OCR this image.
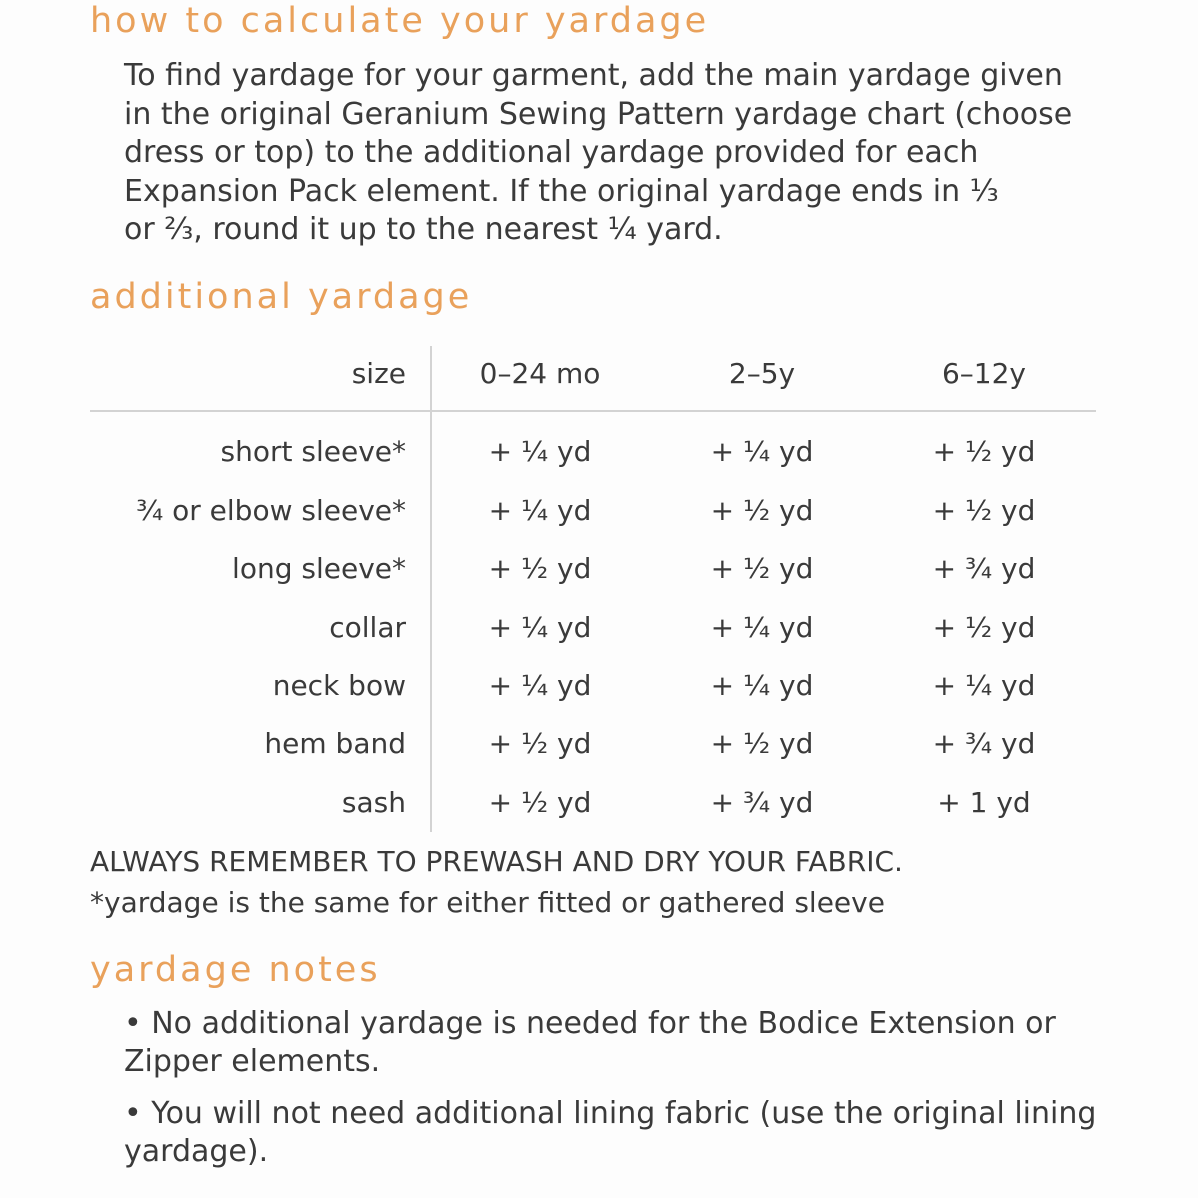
how to calculate your yardage

To find yardage for your garment, add the main yardage given

in the original Geranium Sewing Pattern yardage chart (choose

dress or top) to the additional yardage provided for each

Expansion Pack element. If the original yardage ends in ⅓

or ⅔, round it up to the nearest ¼ yard.

additional yardage
size	0–24 mo	2–5y	6–12y
short sleeve*	+ ¼ yd	+ ¼ yd	+ ½ yd
¾ or elbow sleeve*	+ ¼ yd	+ ½ yd	+ ½ yd
long sleeve*	+ ½ yd	+ ½ yd	+ ¾ yd
collar	+ ¼ yd	+ ¼ yd	+ ½ yd
neck bow	+ ¼ yd	+ ¼ yd	+ ¼ yd
hem band	+ ½ yd	+ ½ yd	+ ¾ yd
sash	+ ½ yd	+ ¾ yd	+ 1 yd
ALWAYS REMEMBER TO PREWASH AND DRY YOUR FABRIC.
*yardage is the same for either fitted or gathered sleeve
yardage notes

• No additional yardage is needed for the Bodice Extension or
Zipper elements.

• You will not need additional lining fabric (use the original lining
yardage).
